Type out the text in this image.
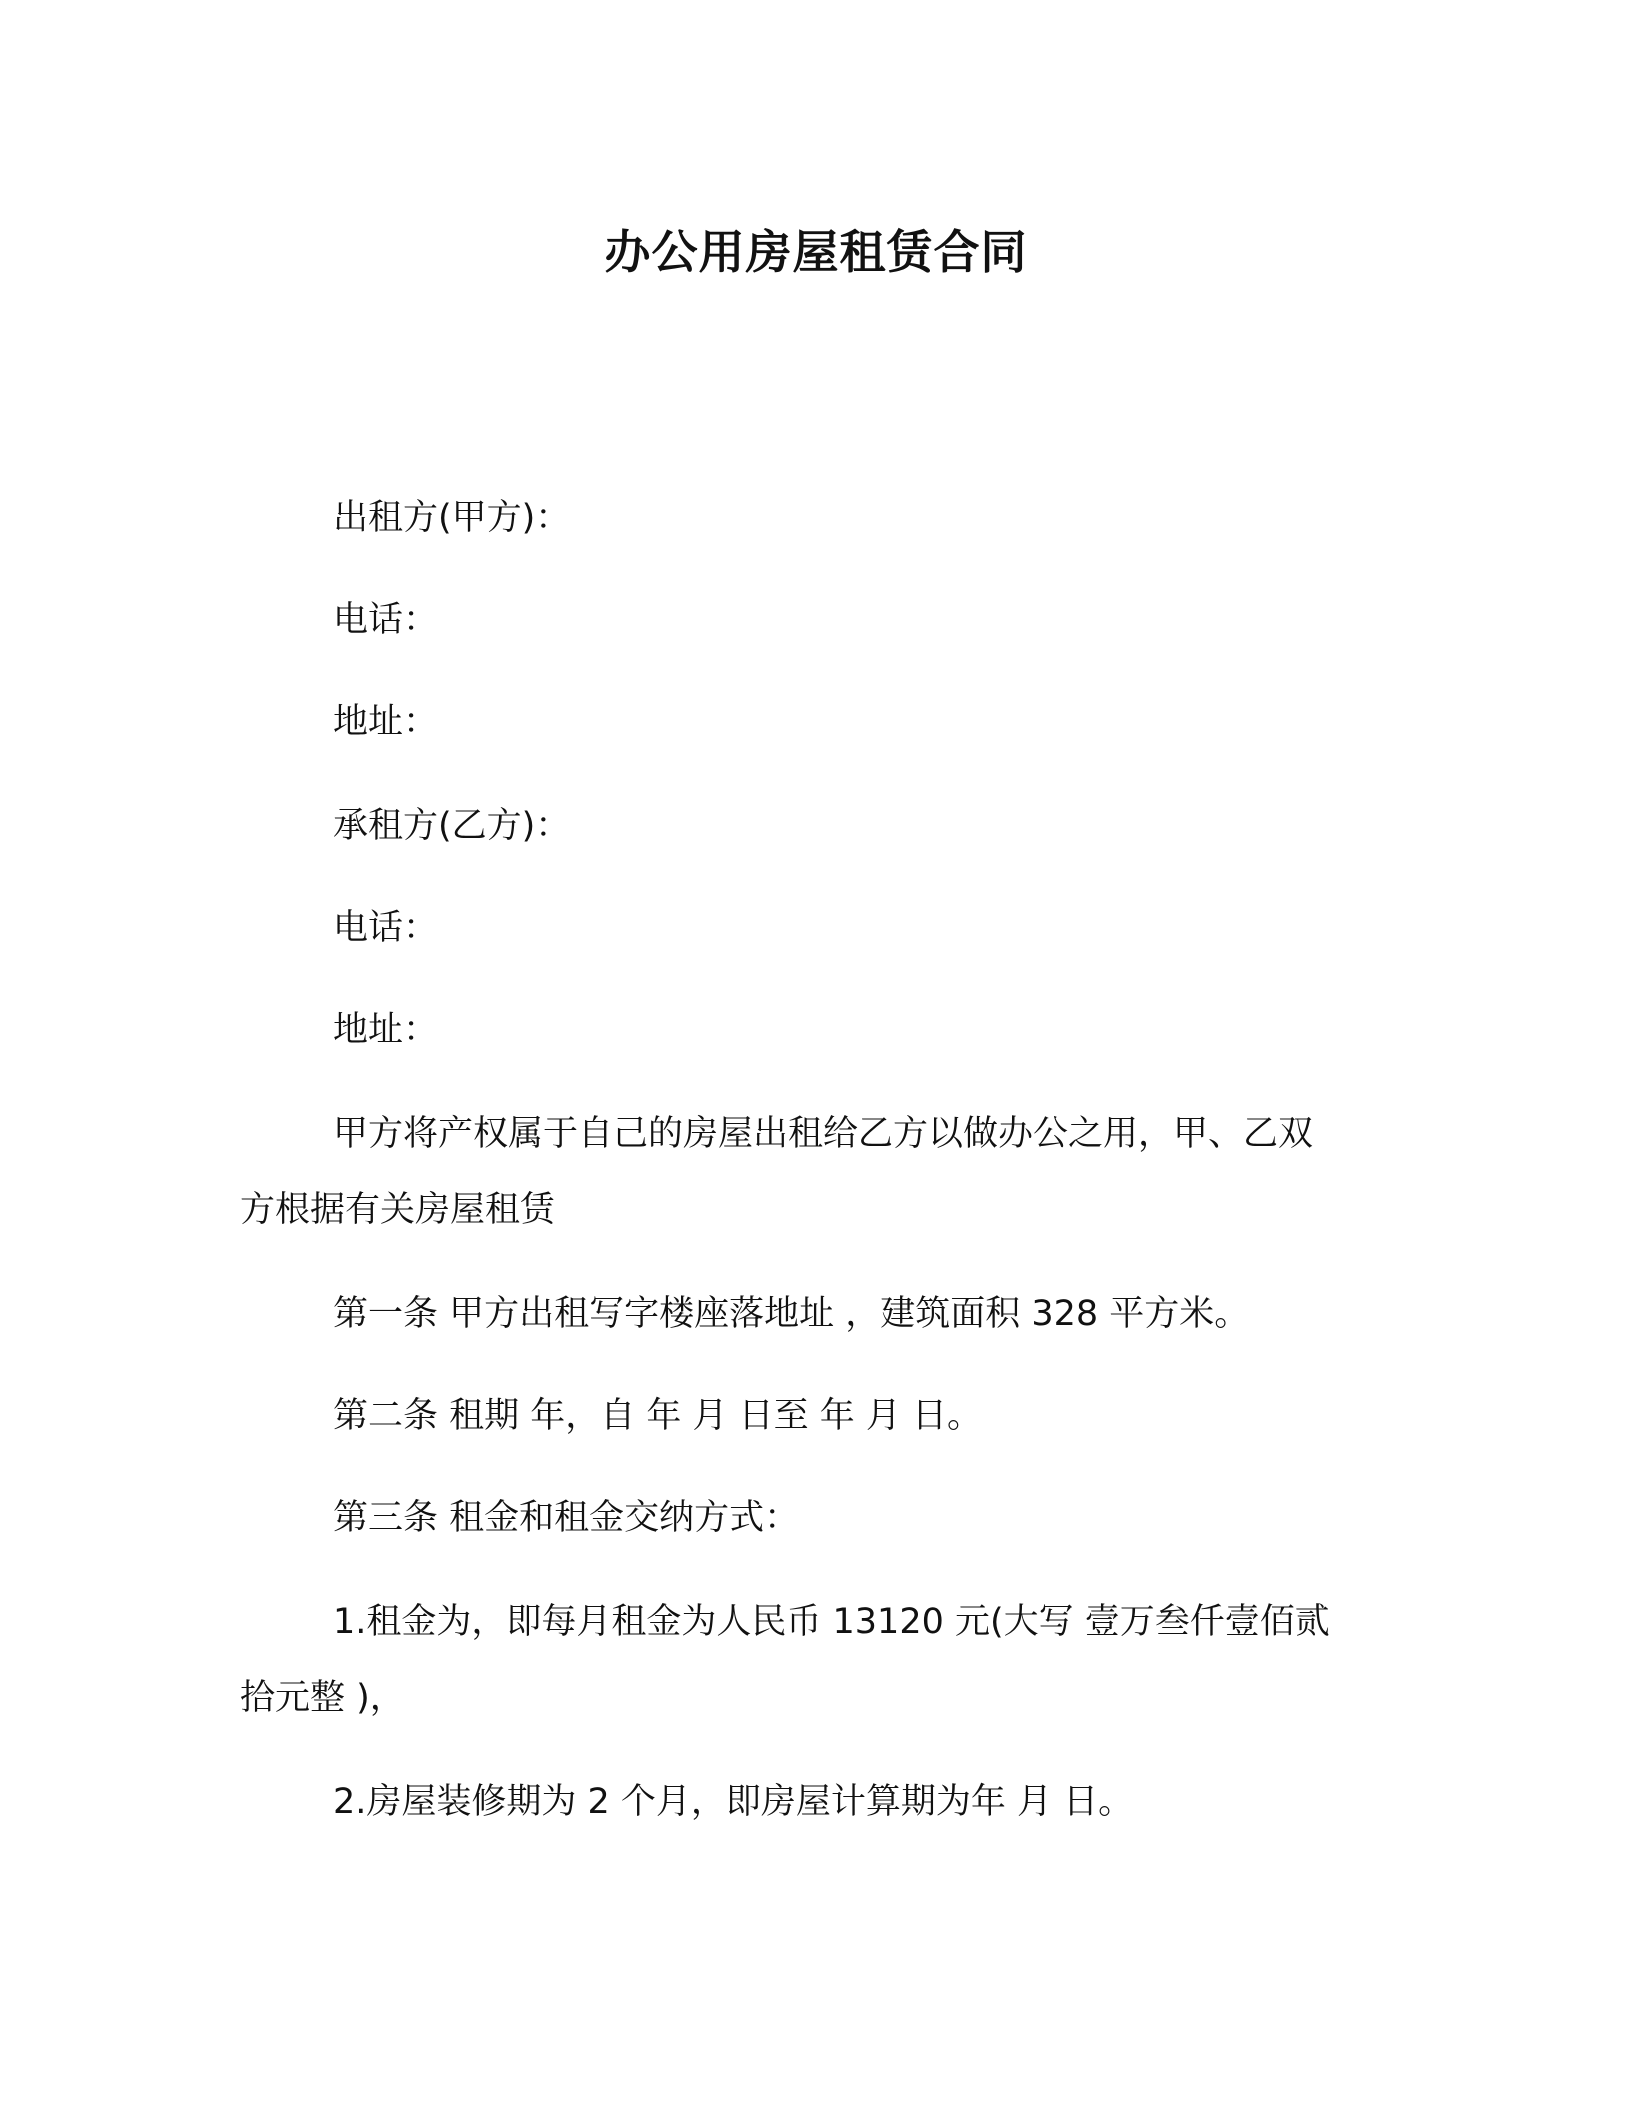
办公用房屋租赁合同
出租方(甲方)：
电话：
地址：
承租方(乙方)：
电话：
地址：
甲方将产权属于自己的房屋出租给乙方以做办公之用，甲、乙双
方根据有关房屋租赁
第一条 甲方出租写字楼座落地址 ，建筑面积 328 平方米。
第二条 租期 年，自 年 月 日至 年 月 日。
第三条 租金和租金交纳方式：
1.租金为，即每月租金为人民币 13120 元(大写 壹万叁仟壹佰贰
拾元整 )，
2.房屋装修期为 2 个月，即房屋计算期为年 月 日。
